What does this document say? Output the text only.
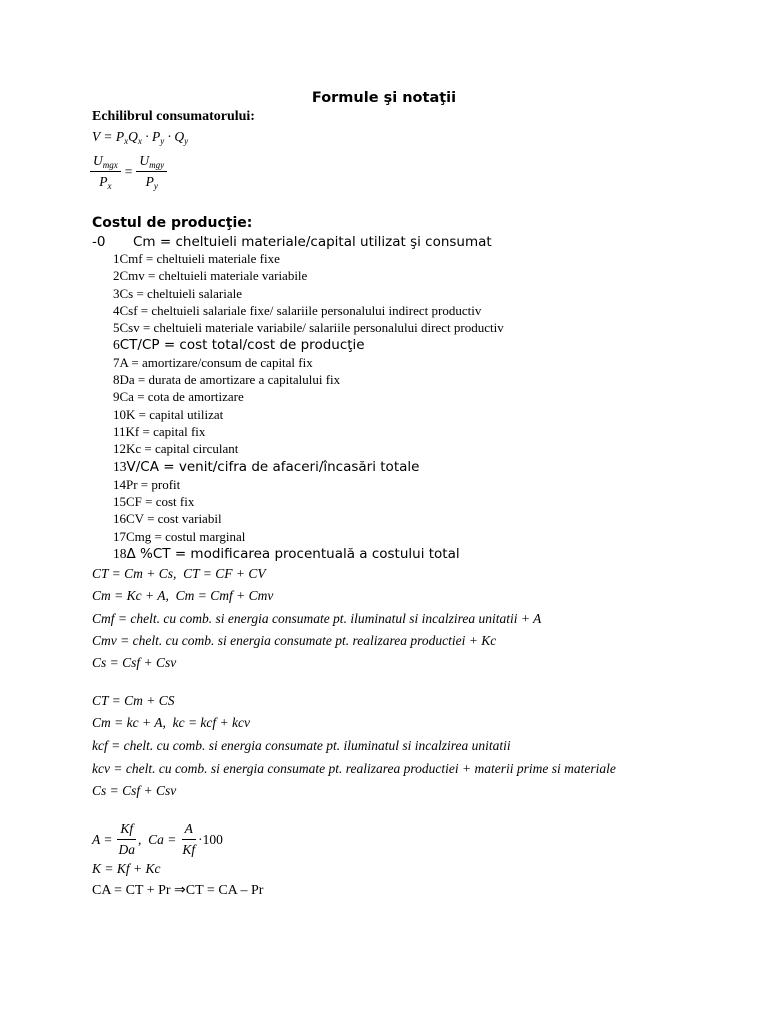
Formule şi notaţii
Echilibrul consumatorului:
$V = P_xQ_x \cdot P_y \cdot Q_y$
$\frac{U_{mgx}}{P_x} = \frac{U_{mgy}}{P_y}$
Costul de producţie:
-0 Cm = cheltuieli materiale/capital utilizat şi consumat
1Cmf = cheltuieli materiale fixe
2Cmv = cheltuieli materiale variabile
3Cs = cheltuieli salariale
4Csf = cheltuieli salariale fixe/ salariile personalului indirect productiv
5Csv = cheltuieli materiale variabile/ salariile personalului direct productiv
6CT/CP = cost total/cost de producţie
7A = amortizare/consum de capital fix
8Da = durata de amortizare a capitalului fix
9Ca = cota de amortizare
10K = capital utilizat
11Kf = capital fix
12Kc = capital circulant
13V/CA = venit/cifra de afaceri/încasări totale
14Pr = profit
15CF = cost fix
16CV = cost variabil
17Cmg = costul marginal
18Δ %CT = modificarea procentuală a costului total
CT = Cm + Cs,  CT = CF + CV
Cm = Kc + A,  Cm = Cmf + Cmv
Cmf = chelt. cu comb. si energia consumate pt. iluminatul si incalzirea unitatii + A
Cmv = chelt. cu comb. si energia consumate pt. realizarea productiei + Kc
Cs = Csf + Csv
CT = Cm + CS
Cm = kc + A,  kc = kcf + kcv
kcf = chelt. cu comb. si energia consumate pt. iluminatul si incalzirea unitatii
kcv = chelt. cu comb. si energia consumate pt. realizarea productiei + materii prime si materiale
Cs = Csf + Csv
$A = \frac{Kf}{Da}$ ,  $Ca = \frac{A}{Kf} \cdot 100$
K = Kf + Kc
CA = CT + Pr ⇒CT = CA – Pr
